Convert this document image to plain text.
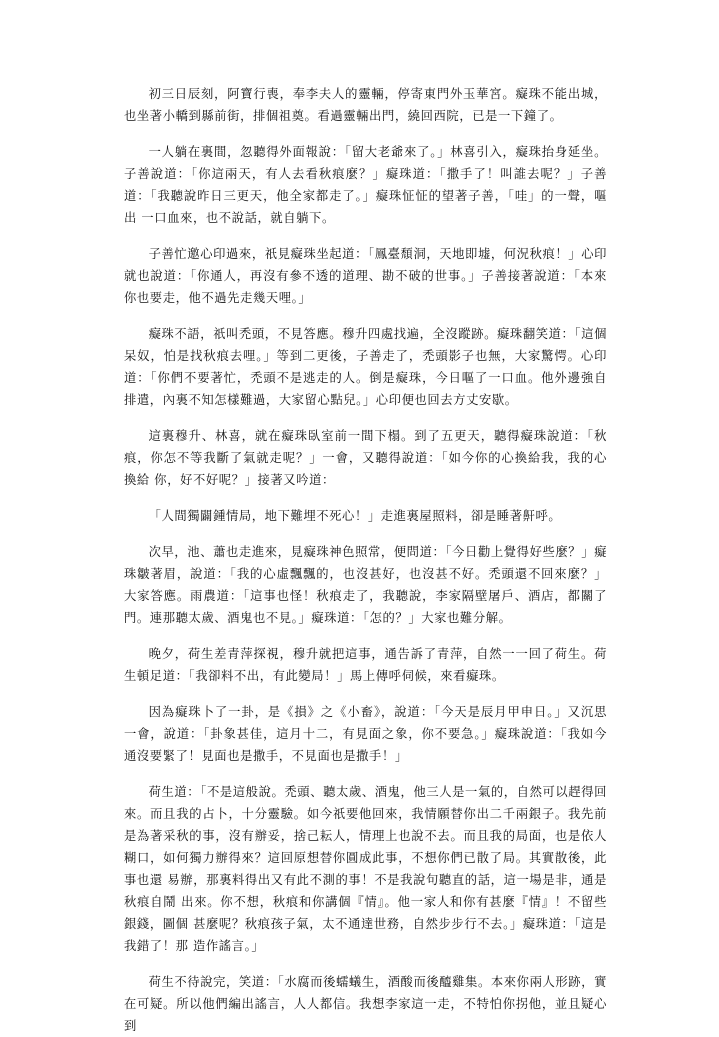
初三日辰刻，阿寶行喪，奉李夫人的靈輛，停寄東門外玉華宮。癡珠不能出城，也坐著小轎到縣前街，排個祖奠。看過靈輛出門，繞回西院，已是一下鐘了。

一人躺在裏間，忽聽得外面報說：「留大老爺來了。」林喜引入，癡珠抬身延坐。子善說道：「你這兩天，有人去看秋痕麼？」癡珠道：「撒手了！叫誰去呢？」子善道：「我聽說昨日三更天，他全家都走了。」癡珠怔怔的望著子善，「哇」的一聲，嘔出 一口血來，也不說話，就自躺下。

子善忙邀心印過來，祇見癡珠坐起道：「鳳臺頹洞，天地即墟，何況秋痕！」心印就也說道：「你通人，再沒有參不透的道理、勘不破的世事。」子善接著說道：「本來你也要走，他不過先走幾天哩。」

癡珠不語，祇叫禿頭，不見答應。穆升四處找遍，全沒蹤跡。癡珠翻笑道：「這個呆奴，怕是找秋痕去哩。」等到二更後，子善走了，禿頭影子也無，大家驚愕。心印道：「你們不要著忙，禿頭不是逃走的人。倒是癡珠，今日嘔了一口血。他外邊強自排遣，內裏不知怎樣難過，大家留心點兒。」心印便也回去方丈安歇。

這裏穆升、林喜，就在癡珠臥室前一間下榻。到了五更天，聽得癡珠說道：「秋痕，你怎不等我斷了氣就走呢？」一會，又聽得說道：「如今你的心換給我，我的心換給 你，好不好呢？」接著又吟道：

「人間獨闢鍾情局，地下難埋不死心！」走進裏屋照料，卻是睡著鼾呼。

次早，池、蕭也走進來，見癡珠神色照常，便問道：「今日勸上覺得好些麼？」癡珠皺著眉，說道：「我的心虛飄飄的，也沒甚好，也沒甚不好。禿頭還不回來麼？」大家答應。雨農道：「這事也怪！秋痕走了，我聽說，李家隔壁屠戶、酒店，都關了門。連那聽太歲、酒鬼也不見。」癡珠道：「怎的？」大家也難分解。

晚夕，荷生差青萍探視，穆升就把這事，通告訴了青萍，自然一一回了荷生。荷生頓足道：「我卻料不出，有此變局！」馬上傳呼伺候，來看癡珠。

因為癡珠卜了一卦，是《損》之《小畜》，說道：「今天是辰月甲申日。」又沉思一會，說道：「卦象甚佳，這月十二，有見面之象，你不要急。」癡珠說道：「我如今通沒要緊了！見面也是撒手，不見面也是撒手！」

荷生道：「不是這般說。禿頭、聽太歲、酒鬼，他三人是一氣的，自然可以趕得回來。而且我的占卜，十分靈驗。如今祇要他回來，我情願替你出二千兩銀子。我先前是為著采秋的事，沒有辦妥，捨己耘人，情理上也說不去。而且我的局面，也是依人糊口，如何獨力辦得來？這回原想替你圓成此事，不想你們已散了局。其實散後，此事也還 易辦，那裏料得出又有此不測的事！不是我說句聽直的話，這一場是非，通是秋痕自鬧 出來。你不想，秋痕和你講個『情』。他一家人和你有甚麼『情』！不留些銀錢，圖個 甚麼呢？秋痕孩子氣，太不通達世務，自然步步行不去。」癡珠道：「這是我錯了！那 造作謠言。」

荷生不待說完，笑道：「水腐而後蠕蟻生，酒酸而後醯雞集。本來你兩人形跡，實在可疑。所以他們編出謠言，人人都信。我想李家這一走，不特怕你拐他，並且疑心到
